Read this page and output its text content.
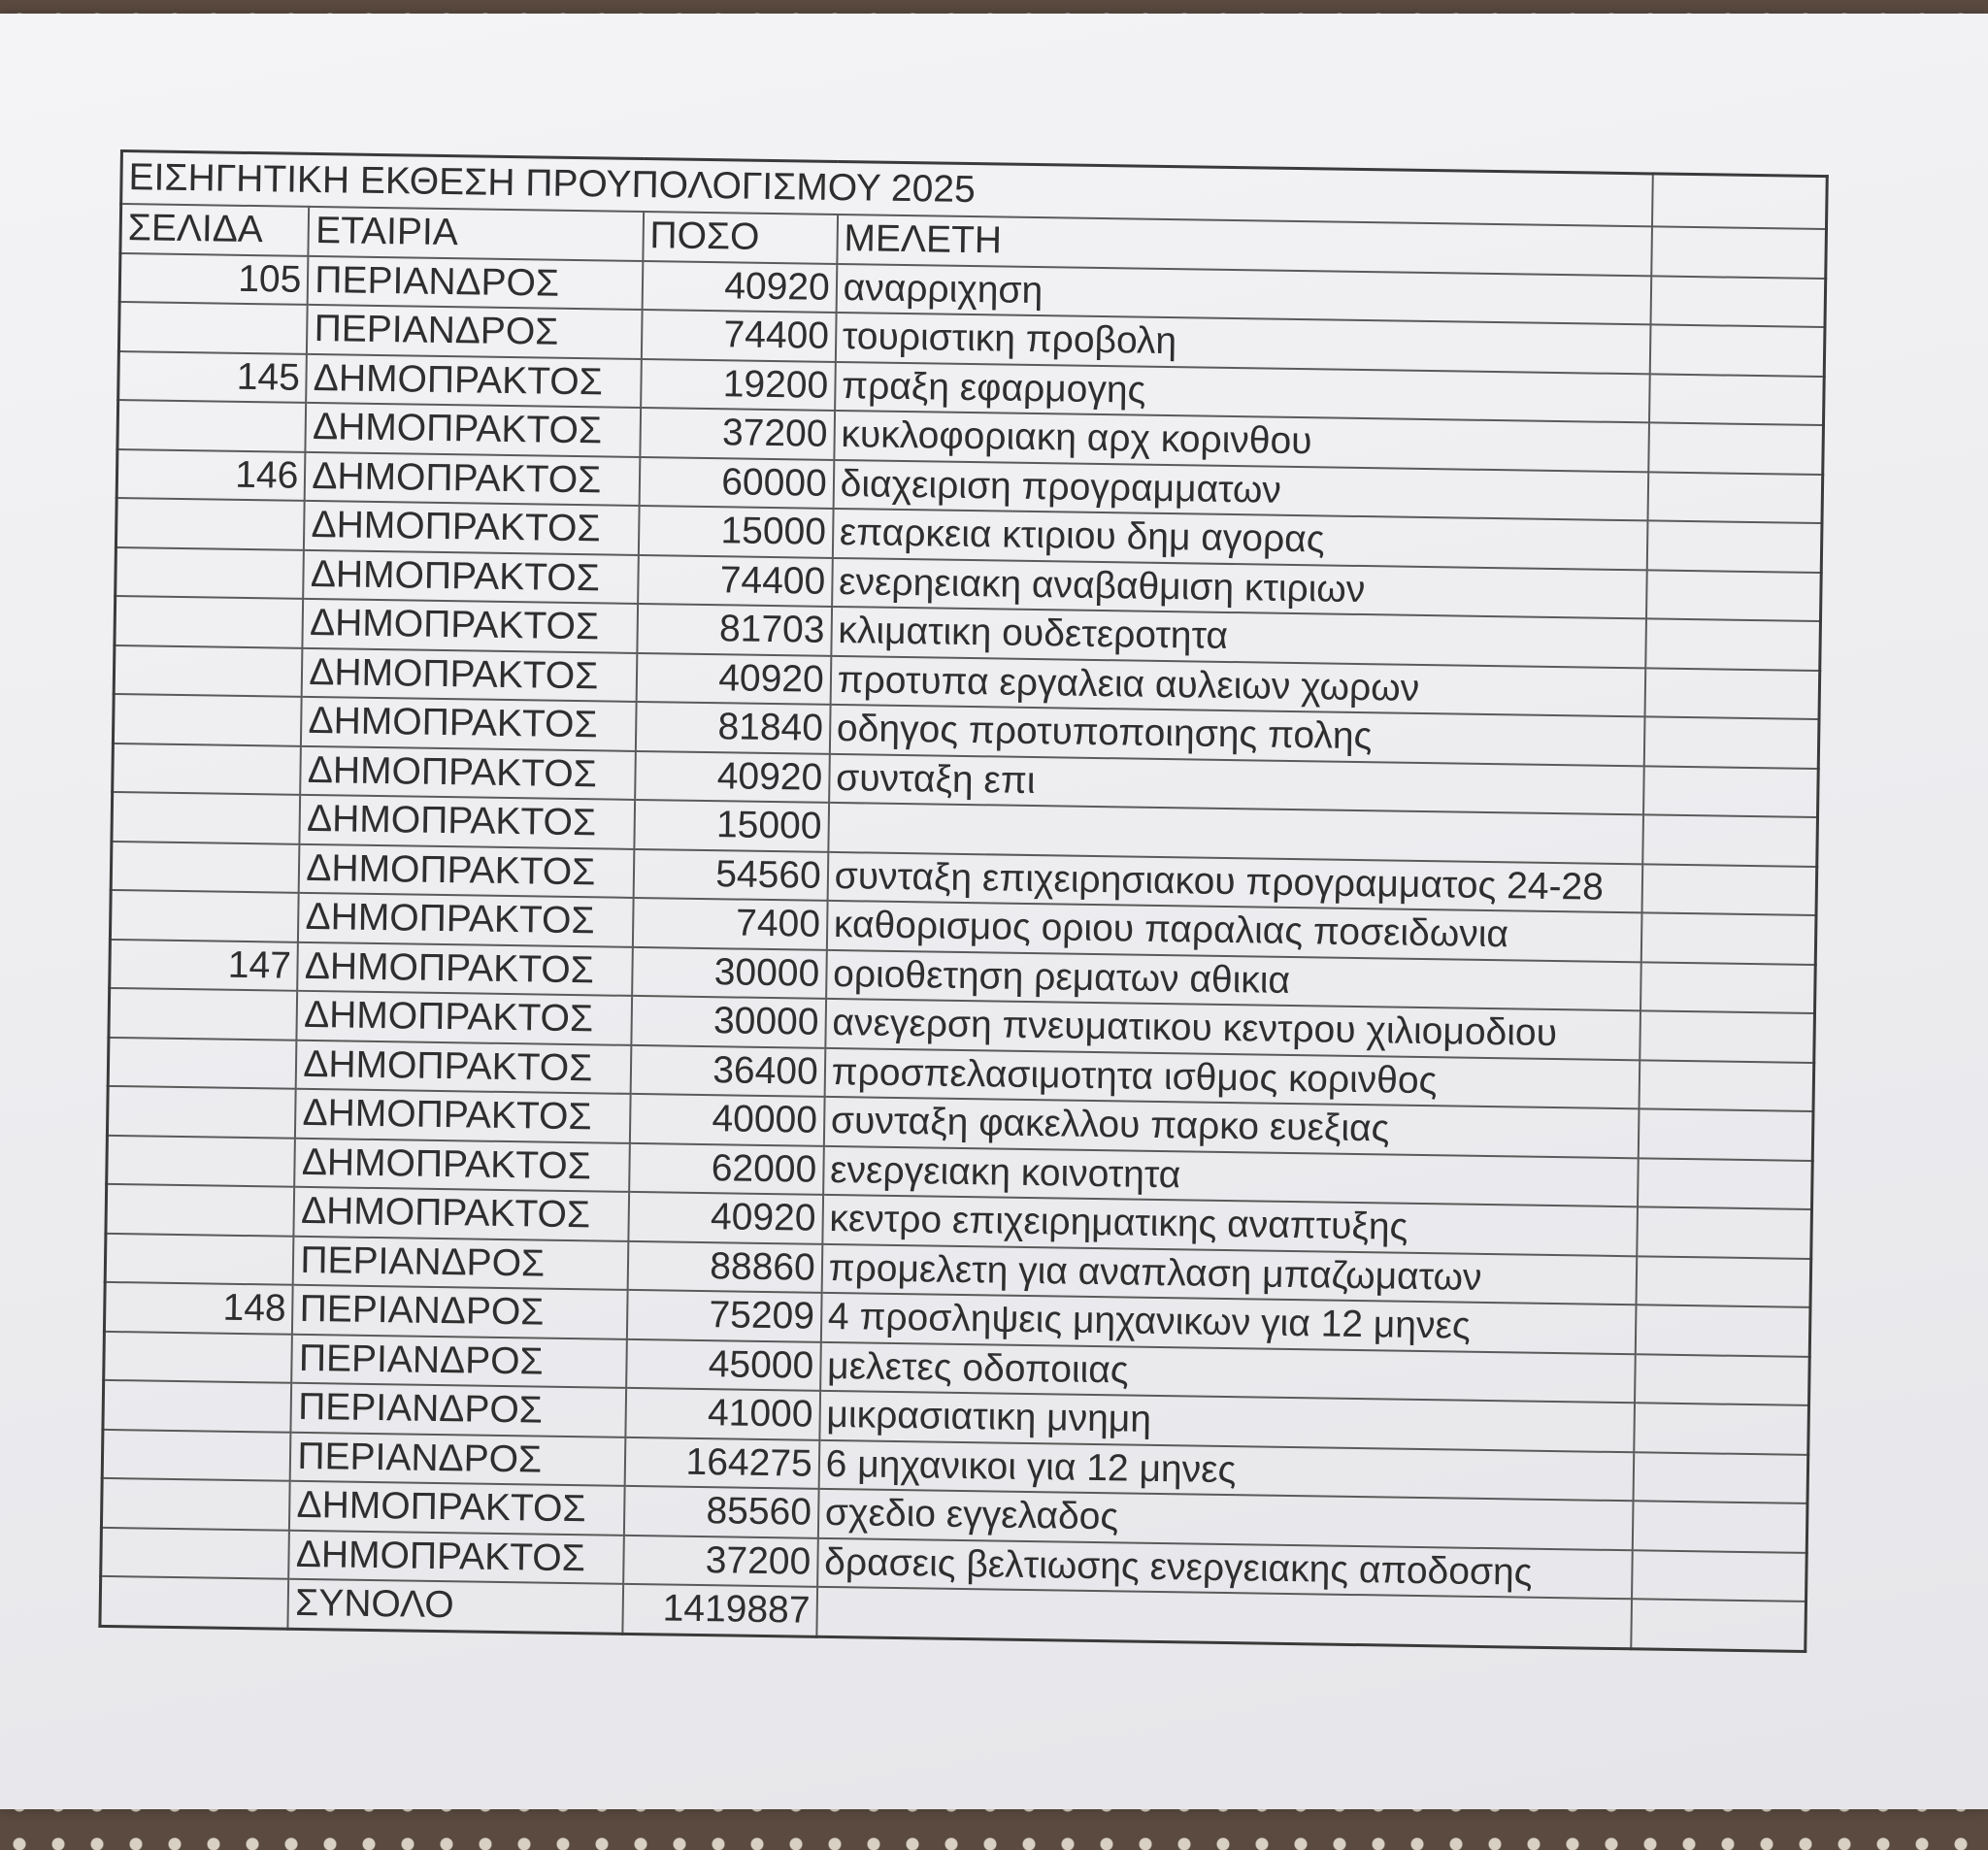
ΕΙΣΗΓΗΤΙΚΗ ΕΚΘΕΣΗ ΠΡΟΥΠΟΛΟΓΙΣΜΟΥ 2025				
ΣΕΛΙΔΑ	ΕΤΑΙΡΙΑ	ΠΟΣΟ	ΜΕΛΕΤΗ	
105	ΠΕΡΙΑΝΔΡΟΣ	40920	αναρριχηση	
	ΠΕΡΙΑΝΔΡΟΣ	74400	τουριστικη προβολη	
145	ΔΗΜΟΠΡΑΚΤΟΣ	19200	πραξη εφαρμογης	
	ΔΗΜΟΠΡΑΚΤΟΣ	37200	κυκλοφοριακη αρχ κορινθου	
146	ΔΗΜΟΠΡΑΚΤΟΣ	60000	διαχειριση προγραμματων	
	ΔΗΜΟΠΡΑΚΤΟΣ	15000	επαρκεια κτιριου δημ αγορας	
	ΔΗΜΟΠΡΑΚΤΟΣ	74400	ενερηειακη αναβαθμιση κτιριων	
	ΔΗΜΟΠΡΑΚΤΟΣ	81703	κλιματικη ουδετεροτητα	
	ΔΗΜΟΠΡΑΚΤΟΣ	40920	προτυπα εργαλεια αυλειων χωρων	
	ΔΗΜΟΠΡΑΚΤΟΣ	81840	οδηγος προτυποποιησης πολης	
	ΔΗΜΟΠΡΑΚΤΟΣ	40920	συνταξη επι	
	ΔΗΜΟΠΡΑΚΤΟΣ	15000		
	ΔΗΜΟΠΡΑΚΤΟΣ	54560	συνταξη επιχειρησιακου προγραμματος 24-28	
	ΔΗΜΟΠΡΑΚΤΟΣ	7400	καθορισμος οριου παραλιας ποσειδωνια	
147	ΔΗΜΟΠΡΑΚΤΟΣ	30000	οριοθετηση ρεματων αθικια	
	ΔΗΜΟΠΡΑΚΤΟΣ	30000	ανεγερση πνευματικου κεντρου χιλιομοδιου	
	ΔΗΜΟΠΡΑΚΤΟΣ	36400	προσπελασιμοτητα ισθμος κορινθος	
	ΔΗΜΟΠΡΑΚΤΟΣ	40000	συνταξη φακελλου παρκο ευεξιας	
	ΔΗΜΟΠΡΑΚΤΟΣ	62000	ενεργειακη κοινοτητα	
	ΔΗΜΟΠΡΑΚΤΟΣ	40920	κεντρο επιχειρηματικης αναπτυξης	
	ΠΕΡΙΑΝΔΡΟΣ	88860	προμελετη για αναπλαση μπαζωματων	
148	ΠΕΡΙΑΝΔΡΟΣ	75209	4 προσληψεις μηχανικων για 12 μηνες	
	ΠΕΡΙΑΝΔΡΟΣ	45000	μελετες οδοποιιας	
	ΠΕΡΙΑΝΔΡΟΣ	41000	μικρασιατικη μνημη	
	ΠΕΡΙΑΝΔΡΟΣ	164275	6 μηχανικοι για 12 μηνες	
	ΔΗΜΟΠΡΑΚΤΟΣ	85560	σχεδιο εγγελαδος	
	ΔΗΜΟΠΡΑΚΤΟΣ	37200	δρασεις βελτιωσης ενεργειακης αποδοσης	
	ΣΥΝΟΛΟ	1419887		
